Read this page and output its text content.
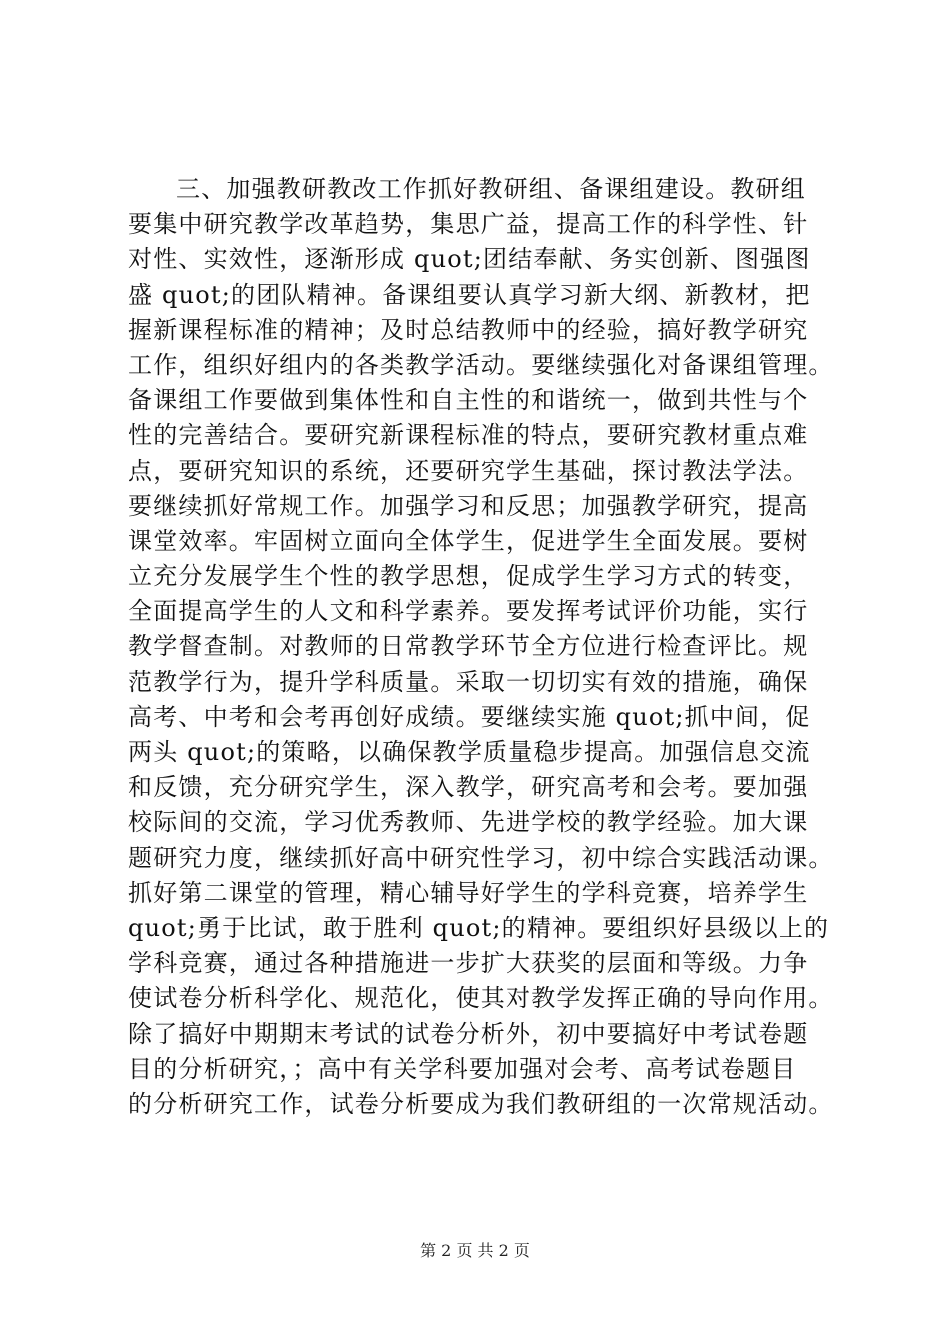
三、加强教研教改工作抓好教研组、备课组建设。教研组
要集中研究教学改革趋势，集思广益，提高工作的科学性、针
对性、实效性，逐渐形成 quot;团结奉献、务实创新、图强图
盛 quot;的团队精神。备课组要认真学习新大纲、新教材，把
握新课程标准的精神；及时总结教师中的经验，搞好教学研究
工作，组织好组内的各类教学活动。要继续强化对备课组管理。
备课组工作要做到集体性和自主性的和谐统一，做到共性与个
性的完善结合。要研究新课程标准的特点，要研究教材重点难
点，要研究知识的系统，还要研究学生基础，探讨教法学法。
要继续抓好常规工作。加强学习和反思；加强教学研究，提高
课堂效率。牢固树立面向全体学生，促进学生全面发展。要树
立充分发展学生个性的教学思想，促成学生学习方式的转变，
全面提高学生的人文和科学素养。要发挥考试评价功能，实行
教学督查制。对教师的日常教学环节全方位进行检查评比。规
范教学行为，提升学科质量。采取一切切实有效的措施，确保
高考、中考和会考再创好成绩。要继续实施 quot;抓中间，促
两头 quot;的策略，以确保教学质量稳步提高。加强信息交流
和反馈，充分研究学生，深入教学，研究高考和会考。要加强
校际间的交流，学习优秀教师、先进学校的教学经验。加大课
题研究力度，继续抓好高中研究性学习，初中综合实践活动课。
抓好第二课堂的管理，精心辅导好学生的学科竞赛，培养学生
quot;勇于比试，敢于胜利 quot;的精神。要组织好县级以上的
学科竞赛，通过各种措施进一步扩大获奖的层面和等级。力争
使试卷分析科学化、规范化，使其对教学发挥正确的导向作用。
除了搞好中期期末考试的试卷分析外，初中要搞好中考试卷题
目的分析研究，；高中有关学科要加强对会考、高考试卷题目
的分析研究工作，试卷分析要成为我们教研组的一次常规活动。
第 2 页 共 2 页
